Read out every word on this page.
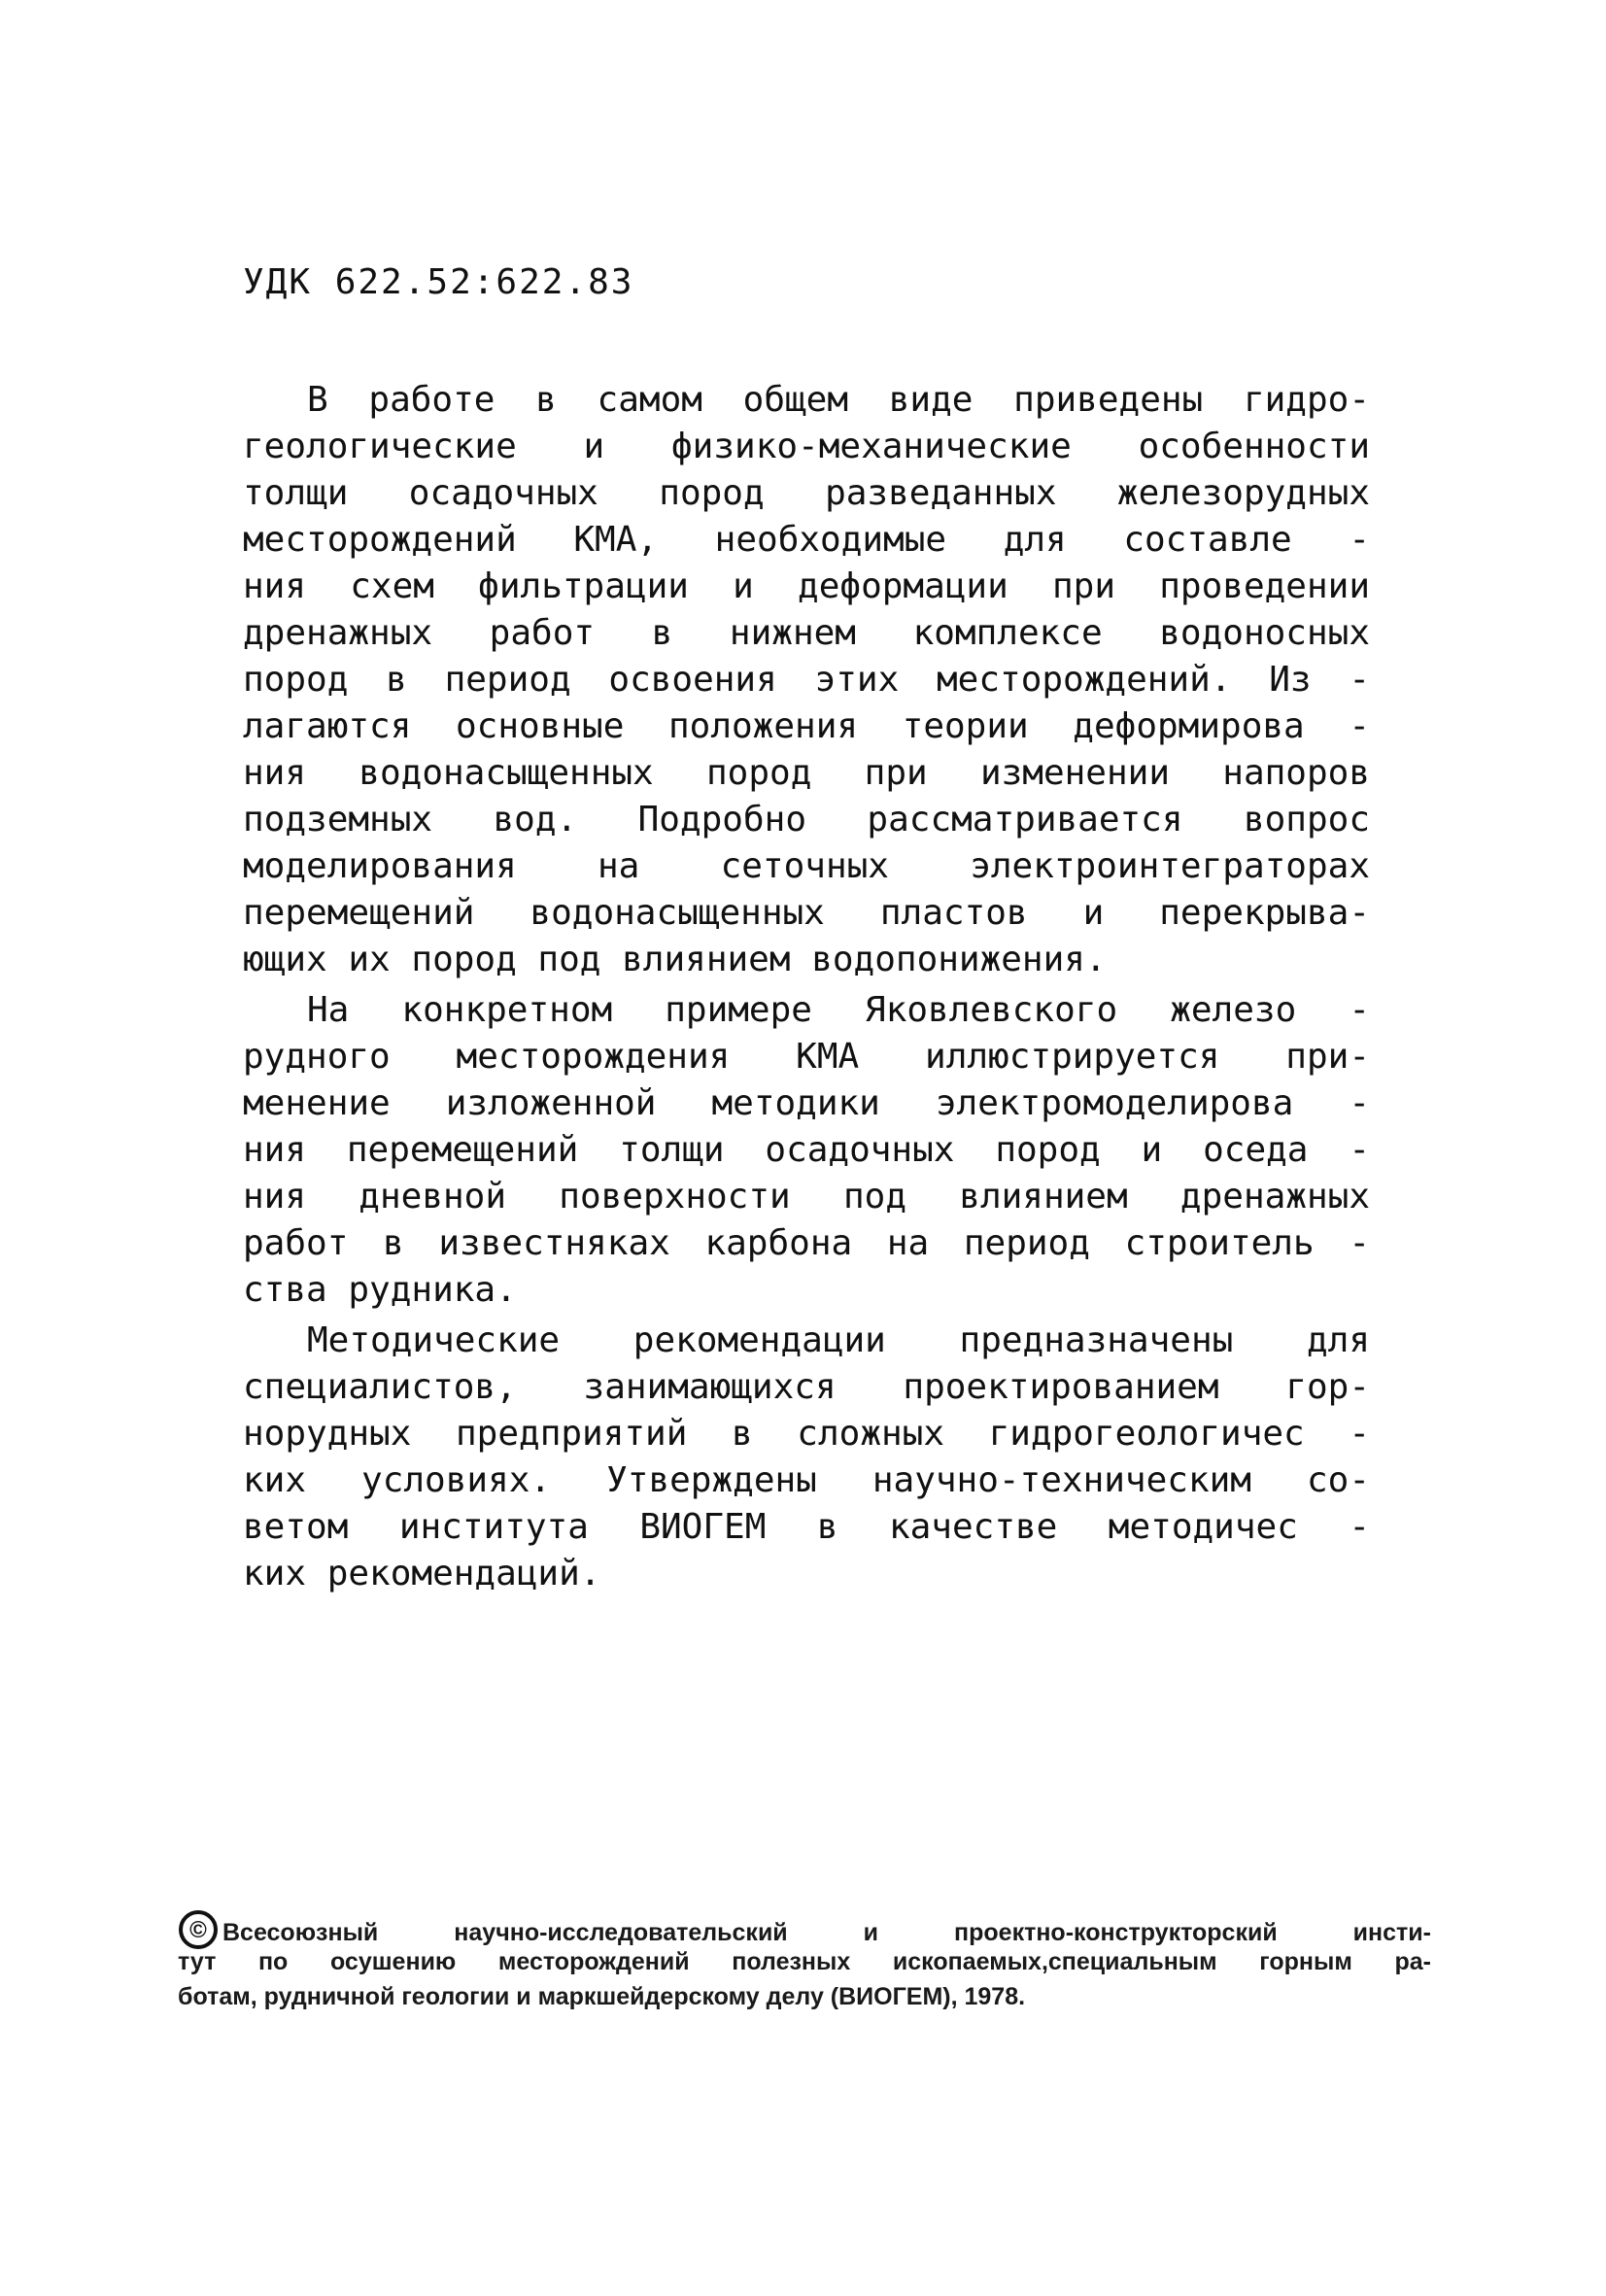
УДК 622.52:622.83
В работе в самом общем виде приведены гидро-
геологические и физико-механические особенности
толщи осадочных пород разведанных железорудных
месторождений КМА, необходимые для составле -
ния схем фильтрации и деформации при проведении
дренажных работ в нижнем комплексе водоносных
пород в период освоения этих месторождений. Из -
лагаются основные положения теории деформирова -
ния водонасыщенных пород при изменении напоров
подземных вод. Подробно рассматривается вопрос
моделирования на сеточных электроинтеграторах
перемещений водонасыщенных пластов и перекрыва-
ющих их пород под влиянием водопонижения.
На конкретном примере Яковлевского железо -
рудного месторождения КМА иллюстрируется при-
менение изложенной методики электромоделирова -
ния перемещений толщи осадочных пород и оседа -
ния дневной поверхности под влиянием дренажных
работ в известняках карбона на период строитель -
ства рудника.
Методические рекомендации предназначены для
специалистов, занимающихся проектированием гор-
норудных предприятий в сложных гидрогеологичес -
ких условиях. Утверждены научно-техническим со-
ветом института ВИОГЕМ в качестве методичес -
ких рекомендаций.
© Всесоюзный научно-исследовательский и проектно-конструкторский инсти-
тут по осушению месторождений полезных ископаемых,специальным горным ра-
ботам, рудничной геологии и маркшейдерскому делу (ВИОГЕМ), 1978.
